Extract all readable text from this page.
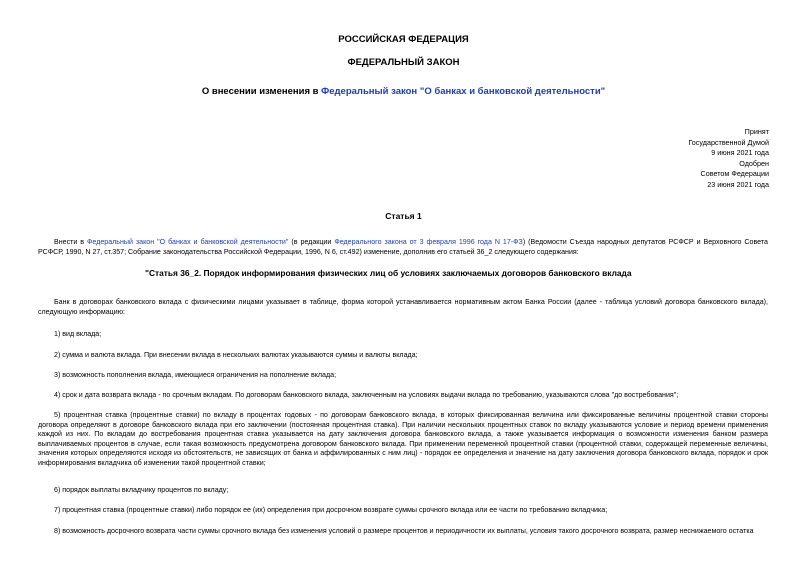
РОССИЙСКАЯ ФЕДЕРАЦИЯ
ФЕДЕРАЛЬНЫЙ ЗАКОН
О внесении изменения в Федеральный закон "О банках и банковской деятельности"
Принят
Государственной Думой
9 июня 2021 года
Одобрен
Советом Федерации
23 июня 2021 года
Статья 1
Внести в Федеральный закон "О банках и банковской деятельности" (в редакции Федерального закона от 3 февраля 1996 года N 17-ФЗ) (Ведомости Съезда народных депутатов РСФСР и Верховного Совета РСФСР, 1990, N 27, ст.357; Собрание законодательства Российской Федерации, 1996, N 6, ст.492) изменение, дополнив его статьей 36_2 следующего содержания:
"Статья 36_2. Порядок информирования физических лиц об условиях заключаемых договоров банковского вклада
Банк в договорах банковского вклада с физическими лицами указывает в таблице, форма которой устанавливается нормативным актом Банка России (далее - таблица условий договора банковского вклада), следующую информацию:
1) вид вклада;
2) сумма и валюта вклада. При внесении вклада в нескольких валютах указываются суммы и валюты вклада;
3) возможность пополнения вклада, имеющиеся ограничения на пополнение вклада;
4) срок и дата возврата вклада - по срочным вкладам. По договорам банковского вклада, заключенным на условиях выдачи вклада по требованию, указываются слова "до востребования";
5) процентная ставка (процентные ставки) по вкладу в процентах годовых - по договорам банковского вклада, в которых фиксированная величина или фиксированные величины процентной ставки стороны договора определяют в договоре банковского вклада при его заключении (постоянная процентная ставка). При наличии нескольких процентных ставок по вкладу указываются условие и период времени применения каждой из них. По вкладам до востребования процентная ставка указывается на дату заключения договора банковского вклада, а также указывается информация о возможности изменения банком размера выплачиваемых процентов в случае, если такая возможность предусмотрена договором банковского вклада. При применении переменной процентной ставки (процентной ставки, содержащей переменные величины, значения которых определяются исходя из обстоятельств, не зависящих от банка и аффилированных с ним лиц) - порядок ее определения и значение на дату заключения договора банковского вклада, порядок и срок информирования вкладчика об изменении такой процентной ставки;
6) порядок выплаты вкладчику процентов по вкладу;
7) процентная ставка (процентные ставки) либо порядок ее (их) определения при досрочном возврате суммы срочного вклада или ее части по требованию вкладчика;
8) возможность досрочного возврата части суммы срочного вклада без изменения условий о размере процентов и периодичности их выплаты, условия такого досрочного возврата, размер неснижаемого остатка
